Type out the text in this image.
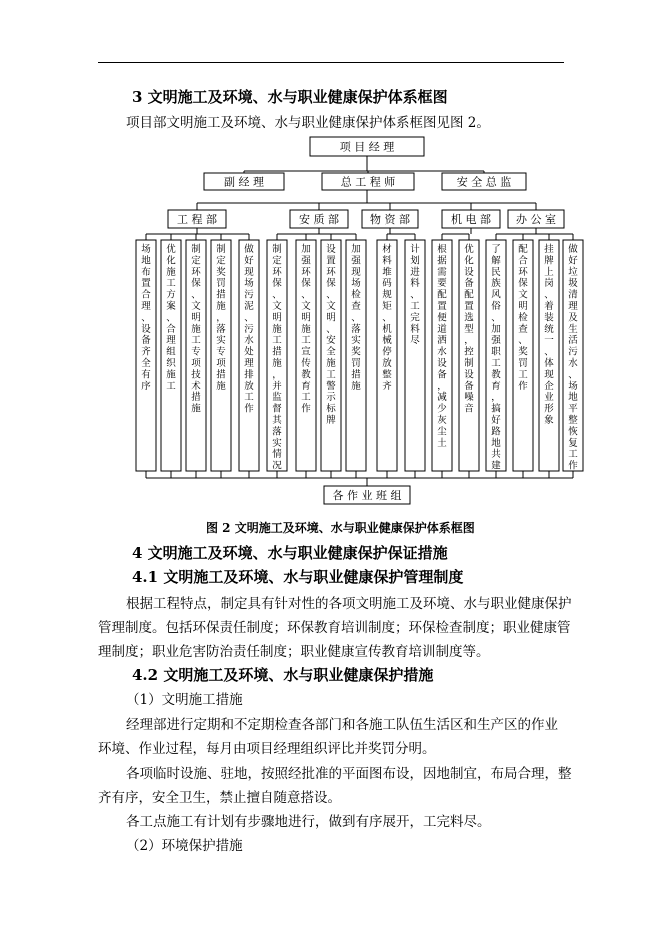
3 文明施工及环境、水与职业健康保护体系框图
项目部文明施工及环境、水与职业健康保护体系框图见图 2。
项 目 经 理
副 经 理	总 工 程 师	安 全 总 监
工 程 部	安 质 部	物 资 部	机 电 部 办 公 室
场地布置合理、设备齐全有序
优化施工方案、合理组织施工
制定环保、文明施工专项技术措施
制定奖罚措施，落实专项措施
做好现场污泥、污水处理排放工作
制定环保、文明施工措施，并监督其落实情况
加强环保、文明施工宣传教育工作
设置环保、文明、安全施工警示标牌
加强现场检查、落实奖罚措施
材料堆码规矩、机械停放整齐
计划进料、工完料尽
根据需要配置便道洒水设备，减少灰尘土
优化设备配置选型，控制设备噪音
了解民族风俗、加强职工教育，搞好路地共建
配合环保文明检查、奖罚工作
挂牌上岗、着装统一、体现企业形象
做好垃圾清理及生活污水、场地平整恢复工作
各 作 业 班 组
图 2 文明施工及环境、水与职业健康保护体系框图
4 文明施工及环境、水与职业健康保护保证措施
4.1 文明施工及环境、水与职业健康保护管理制度
根据工程特点，制定具有针对性的各项文明施工及环境、水与职业健康保护
管理制度。包括环保责任制度；环保教育培训制度；环保检查制度；职业健康管
理制度；职业危害防治责任制度；职业健康宣传教育培训制度等。
4.2 文明施工及环境、水与职业健康保护措施
（1）文明施工措施
经理部进行定期和不定期检查各部门和各施工队伍生活区和生产区的作业
环境、作业过程，每月由项目经理组织评比并奖罚分明。
各项临时设施、驻地，按照经批准的平面图布设，因地制宜，布局合理，整
齐有序，安全卫生，禁止擅自随意搭设。
各工点施工有计划有步骤地进行，做到有序展开，工完料尽。
（2）环境保护措施
